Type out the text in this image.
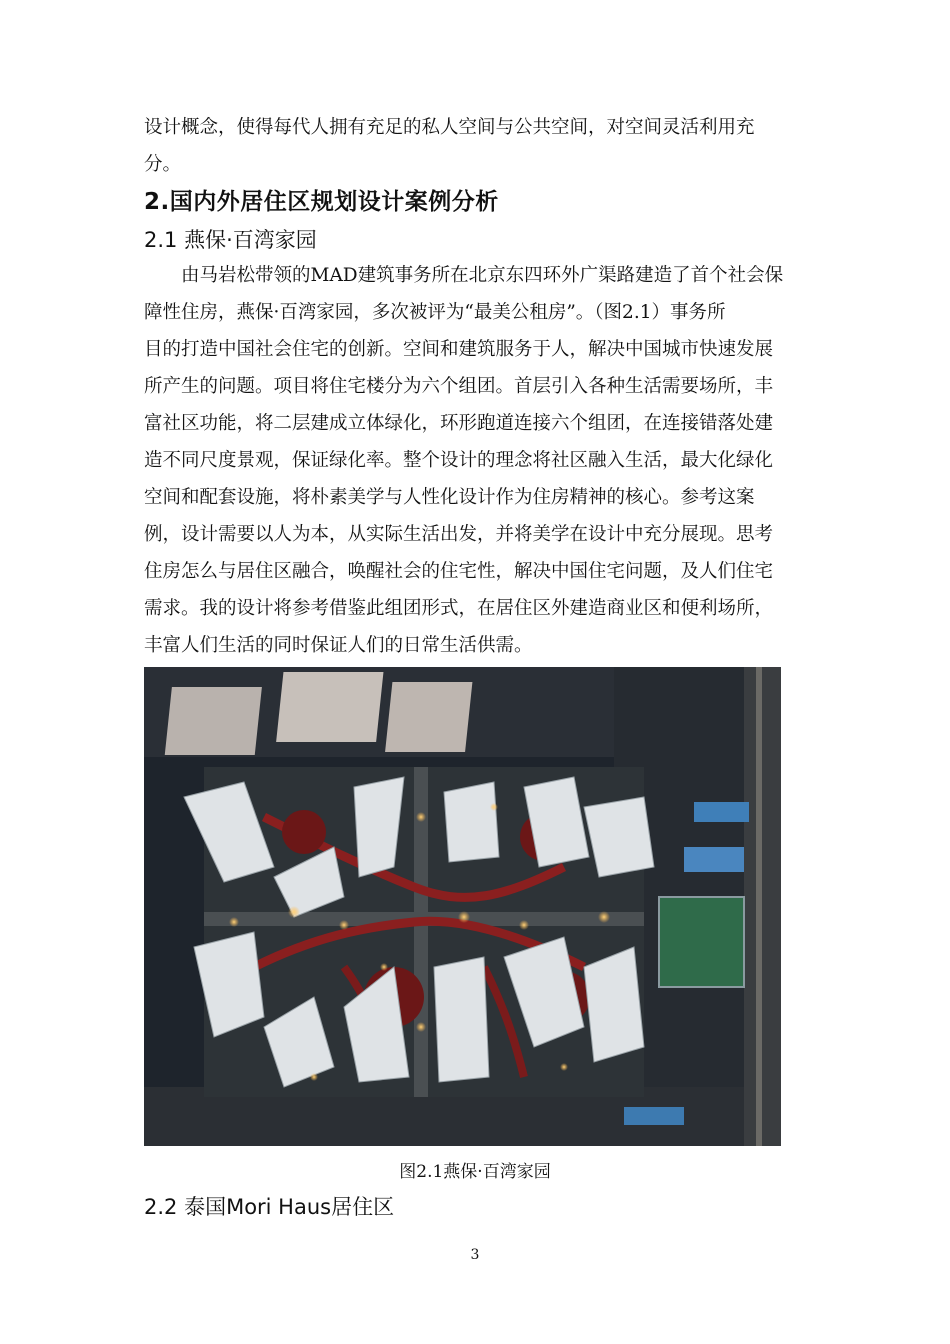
设计概念，使得每代人拥有充足的私人空间与公共空间，对空间灵活利用充
分。
2.国内外居住区规划设计案例分析
2.1 燕保·百湾家园
由马岩松带领的MAD建筑事务所在北京东四环外广渠路建造了首个社会保
障性住房，燕保·百湾家园，多次被评为“最美公租房”。（图2.1）事务所
目的打造中国社会住宅的创新。空间和建筑服务于人，解决中国城市快速发展
所产生的问题。项目将住宅楼分为六个组团。首层引入各种生活需要场所，丰
富社区功能，将二层建成立体绿化，环形跑道连接六个组团，在连接错落处建
造不同尺度景观，保证绿化率。整个设计的理念将社区融入生活，最大化绿化
空间和配套设施，将朴素美学与人性化设计作为住房精神的核心。参考这案
例，设计需要以人为本，从实际生活出发，并将美学在设计中充分展现。思考
住房怎么与居住区融合，唤醒社会的住宅性，解决中国住宅问题，及人们住宅
需求。我的设计将参考借鉴此组团形式，在居住区外建造商业区和便利场所，
丰富人们生活的同时保证人们的日常生活供需。

图2.1燕保·百湾家园

2.2 泰国Mori Haus居住区

3
